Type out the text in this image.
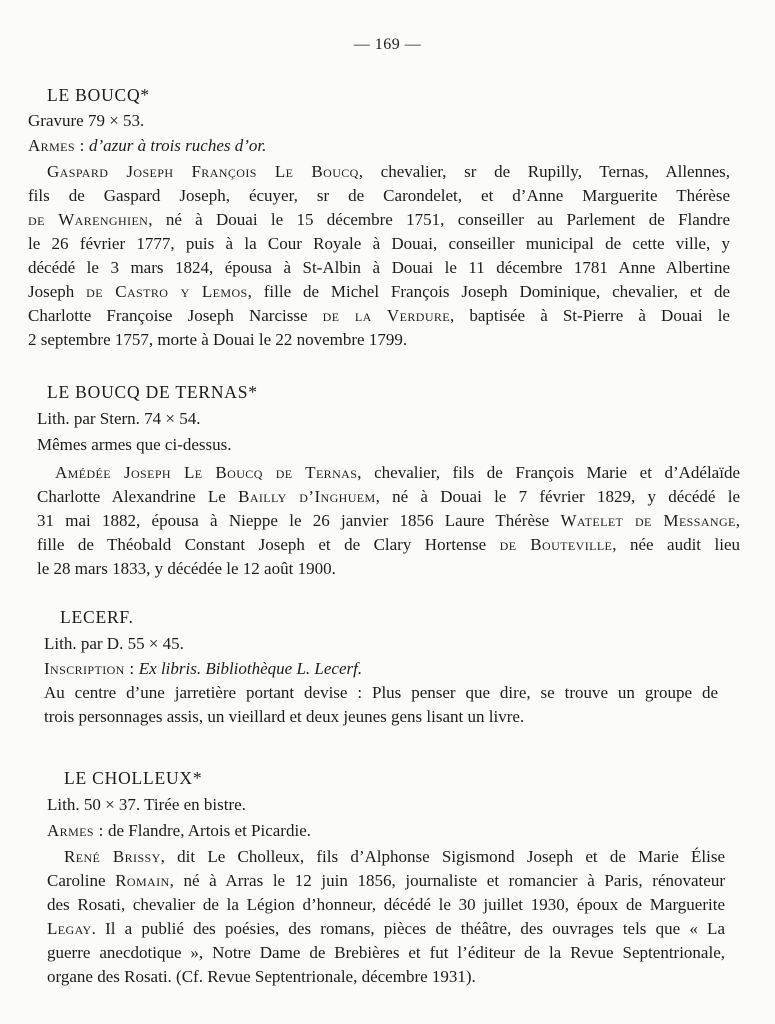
— 169 —
LE BOUCQ*
Gravure 79 × 53.
Armes : d’azur à trois ruches d’or.
Gaspard Joseph François Le Boucq, chevalier, sr de Rupilly, Ternas, Allennes,
fils de Gaspard Joseph, écuyer, sr de Carondelet, et d’Anne Marguerite Thérèse
de Warenghien, né à Douai le 15 décembre 1751, conseiller au Parlement de Flandre
le 26 février 1777, puis à la Cour Royale à Douai, conseiller municipal de cette ville, y
décédé le 3 mars 1824, épousa à St-Albin à Douai le 11 décembre 1781 Anne Albertine
Joseph de Castro y Lemos, fille de Michel François Joseph Dominique, chevalier, et de
Charlotte Françoise Joseph Narcisse de la Verdure, baptisée à St-Pierre à Douai le
2 septembre 1757, morte à Douai le 22 novembre 1799.
LE BOUCQ DE TERNAS*
Lith. par Stern. 74 × 54.
Mêmes armes que ci-dessus.
Amédée Joseph Le Boucq de Ternas, chevalier, fils de François Marie et d’Adélaïde
Charlotte Alexandrine Le Bailly d’Inghuem, né à Douai le 7 février 1829, y décédé le
31 mai 1882, épousa à Nieppe le 26 janvier 1856 Laure Thérèse Watelet de Messange,
fille de Théobald Constant Joseph et de Clary Hortense de Bouteville, née audit lieu
le 28 mars 1833, y décédée le 12 août 1900.
LECERF.
Lith. par D. 55 × 45.
Inscription : Ex libris. Bibliothèque L. Lecerf.
Au centre d’une jarretière portant devise : Plus penser que dire, se trouve un groupe de
trois personnages assis, un vieillard et deux jeunes gens lisant un livre.
LE CHOLLEUX*
Lith. 50 × 37. Tirée en bistre.
Armes : de Flandre, Artois et Picardie.
René Brissy, dit Le Cholleux, fils d’Alphonse Sigismond Joseph et de Marie Élise
Caroline Romain, né à Arras le 12 juin 1856, journaliste et romancier à Paris, rénovateur
des Rosati, chevalier de la Légion d’honneur, décédé le 30 juillet 1930, époux de Marguerite
Legay. Il a publié des poésies, des romans, pièces de théâtre, des ouvrages tels que « La
guerre anecdotique », Notre Dame de Brebières et fut l’éditeur de la Revue Septentrionale,
organe des Rosati. (Cf. Revue Septentrionale, décembre 1931).
